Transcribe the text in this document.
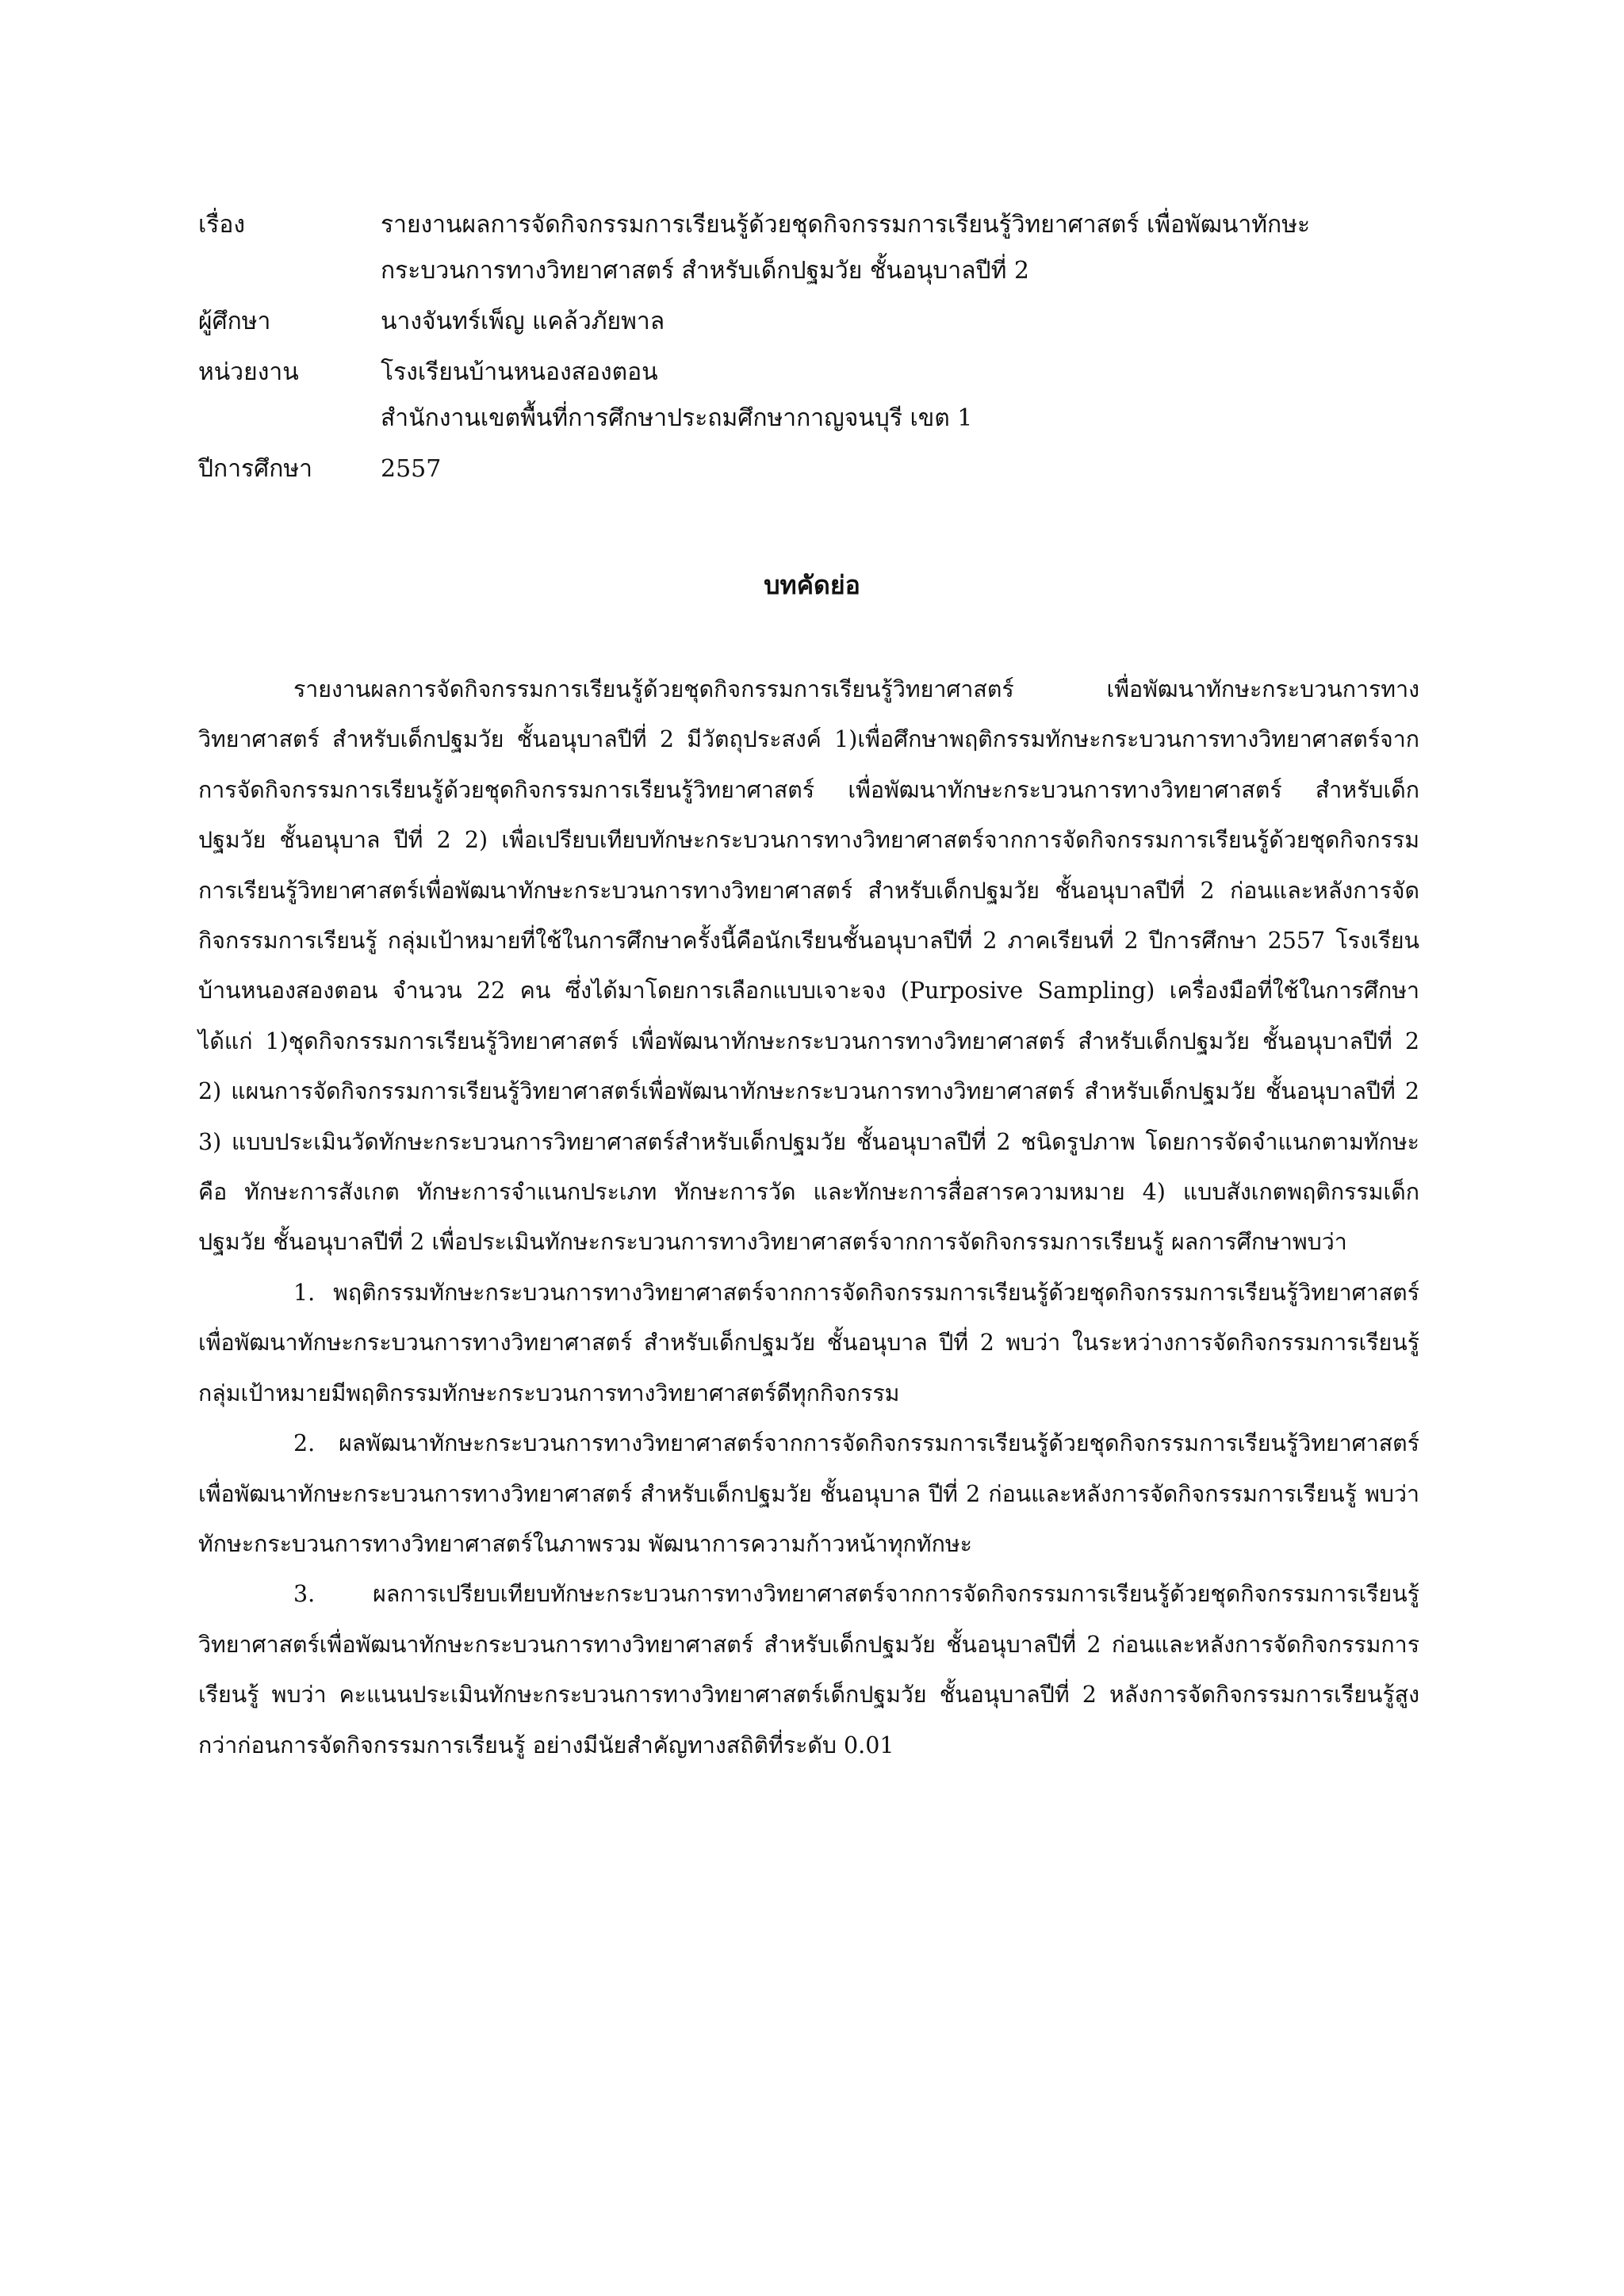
เรื่อง	รายงานผลการจัดกิจกรรมการเรียนรู้ด้วยชุดกิจกรรมการเรียนรู้วิทยาศาสตร์ เพื่อพัฒนาทักษะ
กระบวนการทางวิทยาศาสตร์ สำหรับเด็กปฐมวัย ชั้นอนุบาลปีที่ 2
ผู้ศึกษา	นางจันทร์เพ็ญ แคล้วภัยพาล
หน่วยงาน	โรงเรียนบ้านหนองสองตอน
สำนักงานเขตพื้นที่การศึกษาประถมศึกษากาญจนบุรี เขต 1
ปีการศึกษา	2557
บทคัดย่อ

รายงานผลการจัดกิจกรรมการเรียนรู้ด้วยชุดกิจกรรมการเรียนรู้วิทยาศาสตร์ เพื่อพัฒนาทักษะกระบวนการทางวิทยาศาสตร์ สำหรับเด็กปฐมวัย ชั้นอนุบาลปีที่ 2 มีวัตถุประสงค์ 1)เพื่อศึกษาพฤติกรรมทักษะกระบวนการทางวิทยาศาสตร์จากการจัดกิจกรรมการเรียนรู้ด้วยชุดกิจกรรมการเรียนรู้วิทยาศาสตร์ เพื่อพัฒนาทักษะกระบวนการทางวิทยาศาสตร์ สำหรับเด็กปฐมวัย ชั้นอนุบาล ปีที่ 2 2) เพื่อเปรียบเทียบทักษะกระบวนการทางวิทยาศาสตร์จากการจัดกิจกรรมการเรียนรู้ด้วยชุดกิจกรรมการเรียนรู้วิทยาศาสตร์เพื่อพัฒนาทักษะกระบวนการทางวิทยาศาสตร์ สำหรับเด็กปฐมวัย ชั้นอนุบาลปีที่ 2 ก่อนและหลังการจัดกิจกรรมการเรียนรู้ กลุ่มเป้าหมายที่ใช้ในการศึกษาครั้งนี้คือนักเรียนชั้นอนุบาลปีที่ 2 ภาคเรียนที่ 2 ปีการศึกษา 2557 โรงเรียนบ้านหนองสองตอน จำนวน 22 คน ซึ่งได้มาโดยการเลือกแบบเจาะจง (Purposive Sampling) เครื่องมือที่ใช้ในการศึกษา ได้แก่ 1)ชุดกิจกรรมการเรียนรู้วิทยาศาสตร์ เพื่อพัฒนาทักษะกระบวนการทางวิทยาศาสตร์ สำหรับเด็กปฐมวัย ชั้นอนุบาลปีที่ 2 2) แผนการจัดกิจกรรมการเรียนรู้วิทยาศาสตร์เพื่อพัฒนาทักษะกระบวนการทางวิทยาศาสตร์ สำหรับเด็กปฐมวัย ชั้นอนุบาลปีที่ 2 3) แบบประเมินวัดทักษะกระบวนการวิทยาศาสตร์สำหรับเด็กปฐมวัย ชั้นอนุบาลปีที่ 2 ชนิดรูปภาพ โดยการจัดจำแนกตามทักษะคือ ทักษะการสังเกต ทักษะการจำแนกประเภท ทักษะการวัด และทักษะการสื่อสารความหมาย 4) แบบสังเกตพฤติกรรมเด็กปฐมวัย ชั้นอนุบาลปีที่ 2 เพื่อประเมินทักษะกระบวนการทางวิทยาศาสตร์จากการจัดกิจกรรมการเรียนรู้ ผลการศึกษาพบว่า

1. พฤติกรรมทักษะกระบวนการทางวิทยาศาสตร์จากการจัดกิจกรรมการเรียนรู้ด้วยชุดกิจกรรมการเรียนรู้วิทยาศาสตร์ เพื่อพัฒนาทักษะกระบวนการทางวิทยาศาสตร์ สำหรับเด็กปฐมวัย ชั้นอนุบาล ปีที่ 2 พบว่า ในระหว่างการจัดกิจกรรมการเรียนรู้กลุ่มเป้าหมายมีพฤติกรรมทักษะกระบวนการทางวิทยาศาสตร์ดีทุกกิจกรรม

2. ผลพัฒนาทักษะกระบวนการทางวิทยาศาสตร์จากการจัดกิจกรรมการเรียนรู้ด้วยชุดกิจกรรมการเรียนรู้วิทยาศาสตร์ เพื่อพัฒนาทักษะกระบวนการทางวิทยาศาสตร์ สำหรับเด็กปฐมวัย ชั้นอนุบาล ปีที่ 2 ก่อนและหลังการจัดกิจกรรมการเรียนรู้ พบว่า ทักษะกระบวนการทางวิทยาศาสตร์ในภาพรวม พัฒนาการความก้าวหน้าทุกทักษะ

3. ผลการเปรียบเทียบทักษะกระบวนการทางวิทยาศาสตร์จากการจัดกิจกรรมการเรียนรู้ด้วยชุดกิจกรรมการเรียนรู้วิทยาศาสตร์เพื่อพัฒนาทักษะกระบวนการทางวิทยาศาสตร์ สำหรับเด็กปฐมวัย ชั้นอนุบาลปีที่ 2 ก่อนและหลังการจัดกิจกรรมการเรียนรู้ พบว่า คะแนนประเมินทักษะกระบวนการทางวิทยาศาสตร์เด็กปฐมวัย ชั้นอนุบาลปีที่ 2 หลังการจัดกิจกรรมการเรียนรู้สูงกว่าก่อนการจัดกิจกรรมการเรียนรู้ อย่างมีนัยสำคัญทางสถิติที่ระดับ 0.01
